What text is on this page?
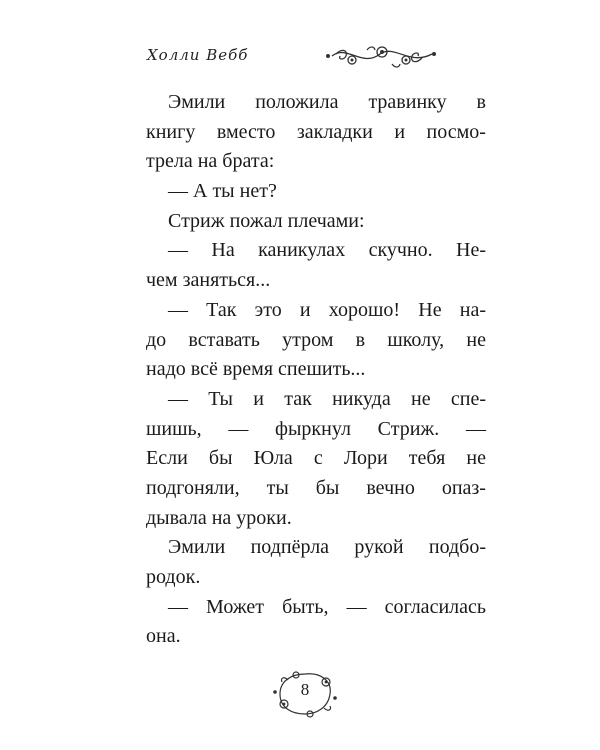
Холли Вебб
Эмили положила травинку в
книгу вместо закладки и посмо-
трела на брата:
— А ты нет?
Стриж пожал плечами:
— На каникулах скучно. Не-
чем заняться...
— Так это и хорошо! Не на-
до вставать утром в школу, не
надо всё время спешить...
— Ты и так никуда не спе-
шишь, — фыркнул Стриж. —
Если бы Юла с Лори тебя не
подгоняли, ты бы вечно опаз-
дывала на уроки.
Эмили подпёрла рукой подбо-
родок.
— Может быть, — согласилась
она.
8
